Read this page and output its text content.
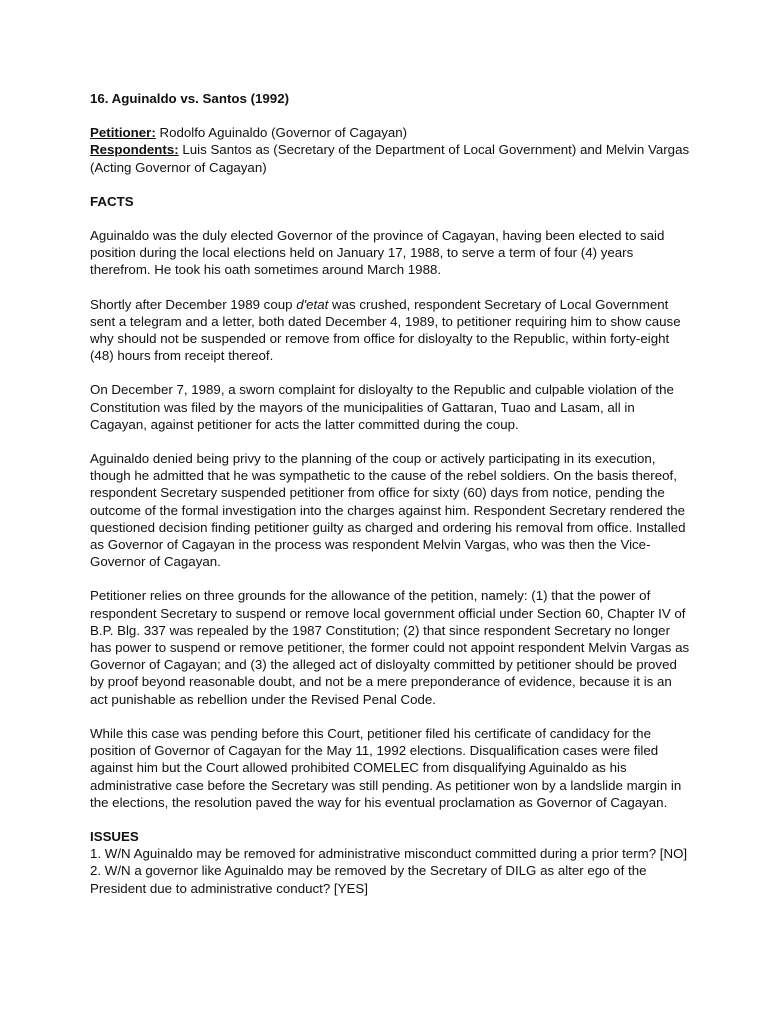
16. Aguinaldo vs. Santos (1992)

Petitioner: Rodolfo Aguinaldo (Governor of Cagayan)

Respondents: Luis Santos as (Secretary of the Department of Local Government) and Melvin Vargas (Acting Governor of Cagayan)

FACTS

Aguinaldo was the duly elected Governor of the province of Cagayan, having been elected to said position during the local elections held on January 17, 1988, to serve a term of four (4) years therefrom. He took his oath sometimes around March 1988.

Shortly after December 1989 coup d'etat was crushed, respondent Secretary of Local Government sent a telegram and a letter, both dated December 4, 1989, to petitioner requiring him to show cause why should not be suspended or remove from office for disloyalty to the Republic, within forty-eight (48) hours from receipt thereof.

On December 7, 1989, a sworn complaint for disloyalty to the Republic and culpable violation of the Constitution was filed by the mayors of the municipalities of Gattaran, Tuao and Lasam, all in Cagayan, against petitioner for acts the latter committed during the coup.

Aguinaldo denied being privy to the planning of the coup or actively participating in its execution, though he admitted that he was sympathetic to the cause of the rebel soldiers. On the basis thereof, respondent Secretary suspended petitioner from office for sixty (60) days from notice, pending the outcome of the formal investigation into the charges against him. Respondent Secretary rendered the questioned decision finding petitioner guilty as charged and ordering his removal from office. Installed as Governor of Cagayan in the process was respondent Melvin Vargas, who was then the Vice-Governor of Cagayan.

Petitioner relies on three grounds for the allowance of the petition, namely: (1) that the power of respondent Secretary to suspend or remove local government official under Section 60, Chapter IV of B.P. Blg. 337 was repealed by the 1987 Constitution; (2) that since respondent Secretary no longer has power to suspend or remove petitioner, the former could not appoint respondent Melvin Vargas as Governor of Cagayan; and (3) the alleged act of disloyalty committed by petitioner should be proved by proof beyond reasonable doubt, and not be a mere preponderance of evidence, because it is an act punishable as rebellion under the Revised Penal Code.

While this case was pending before this Court, petitioner filed his certificate of candidacy for the position of Governor of Cagayan for the May 11, 1992 elections. Disqualification cases were filed against him but the Court allowed prohibited COMELEC from disqualifying Aguinaldo as his administrative case before the Secretary was still pending. As petitioner won by a landslide margin in the elections, the resolution paved the way for his eventual proclamation as Governor of Cagayan.

ISSUES

1. W/N Aguinaldo may be removed for administrative misconduct committed during a prior term? [NO]

2. W/N a governor like Aguinaldo may be removed by the Secretary of DILG as alter ego of the President due to administrative conduct? [YES]
